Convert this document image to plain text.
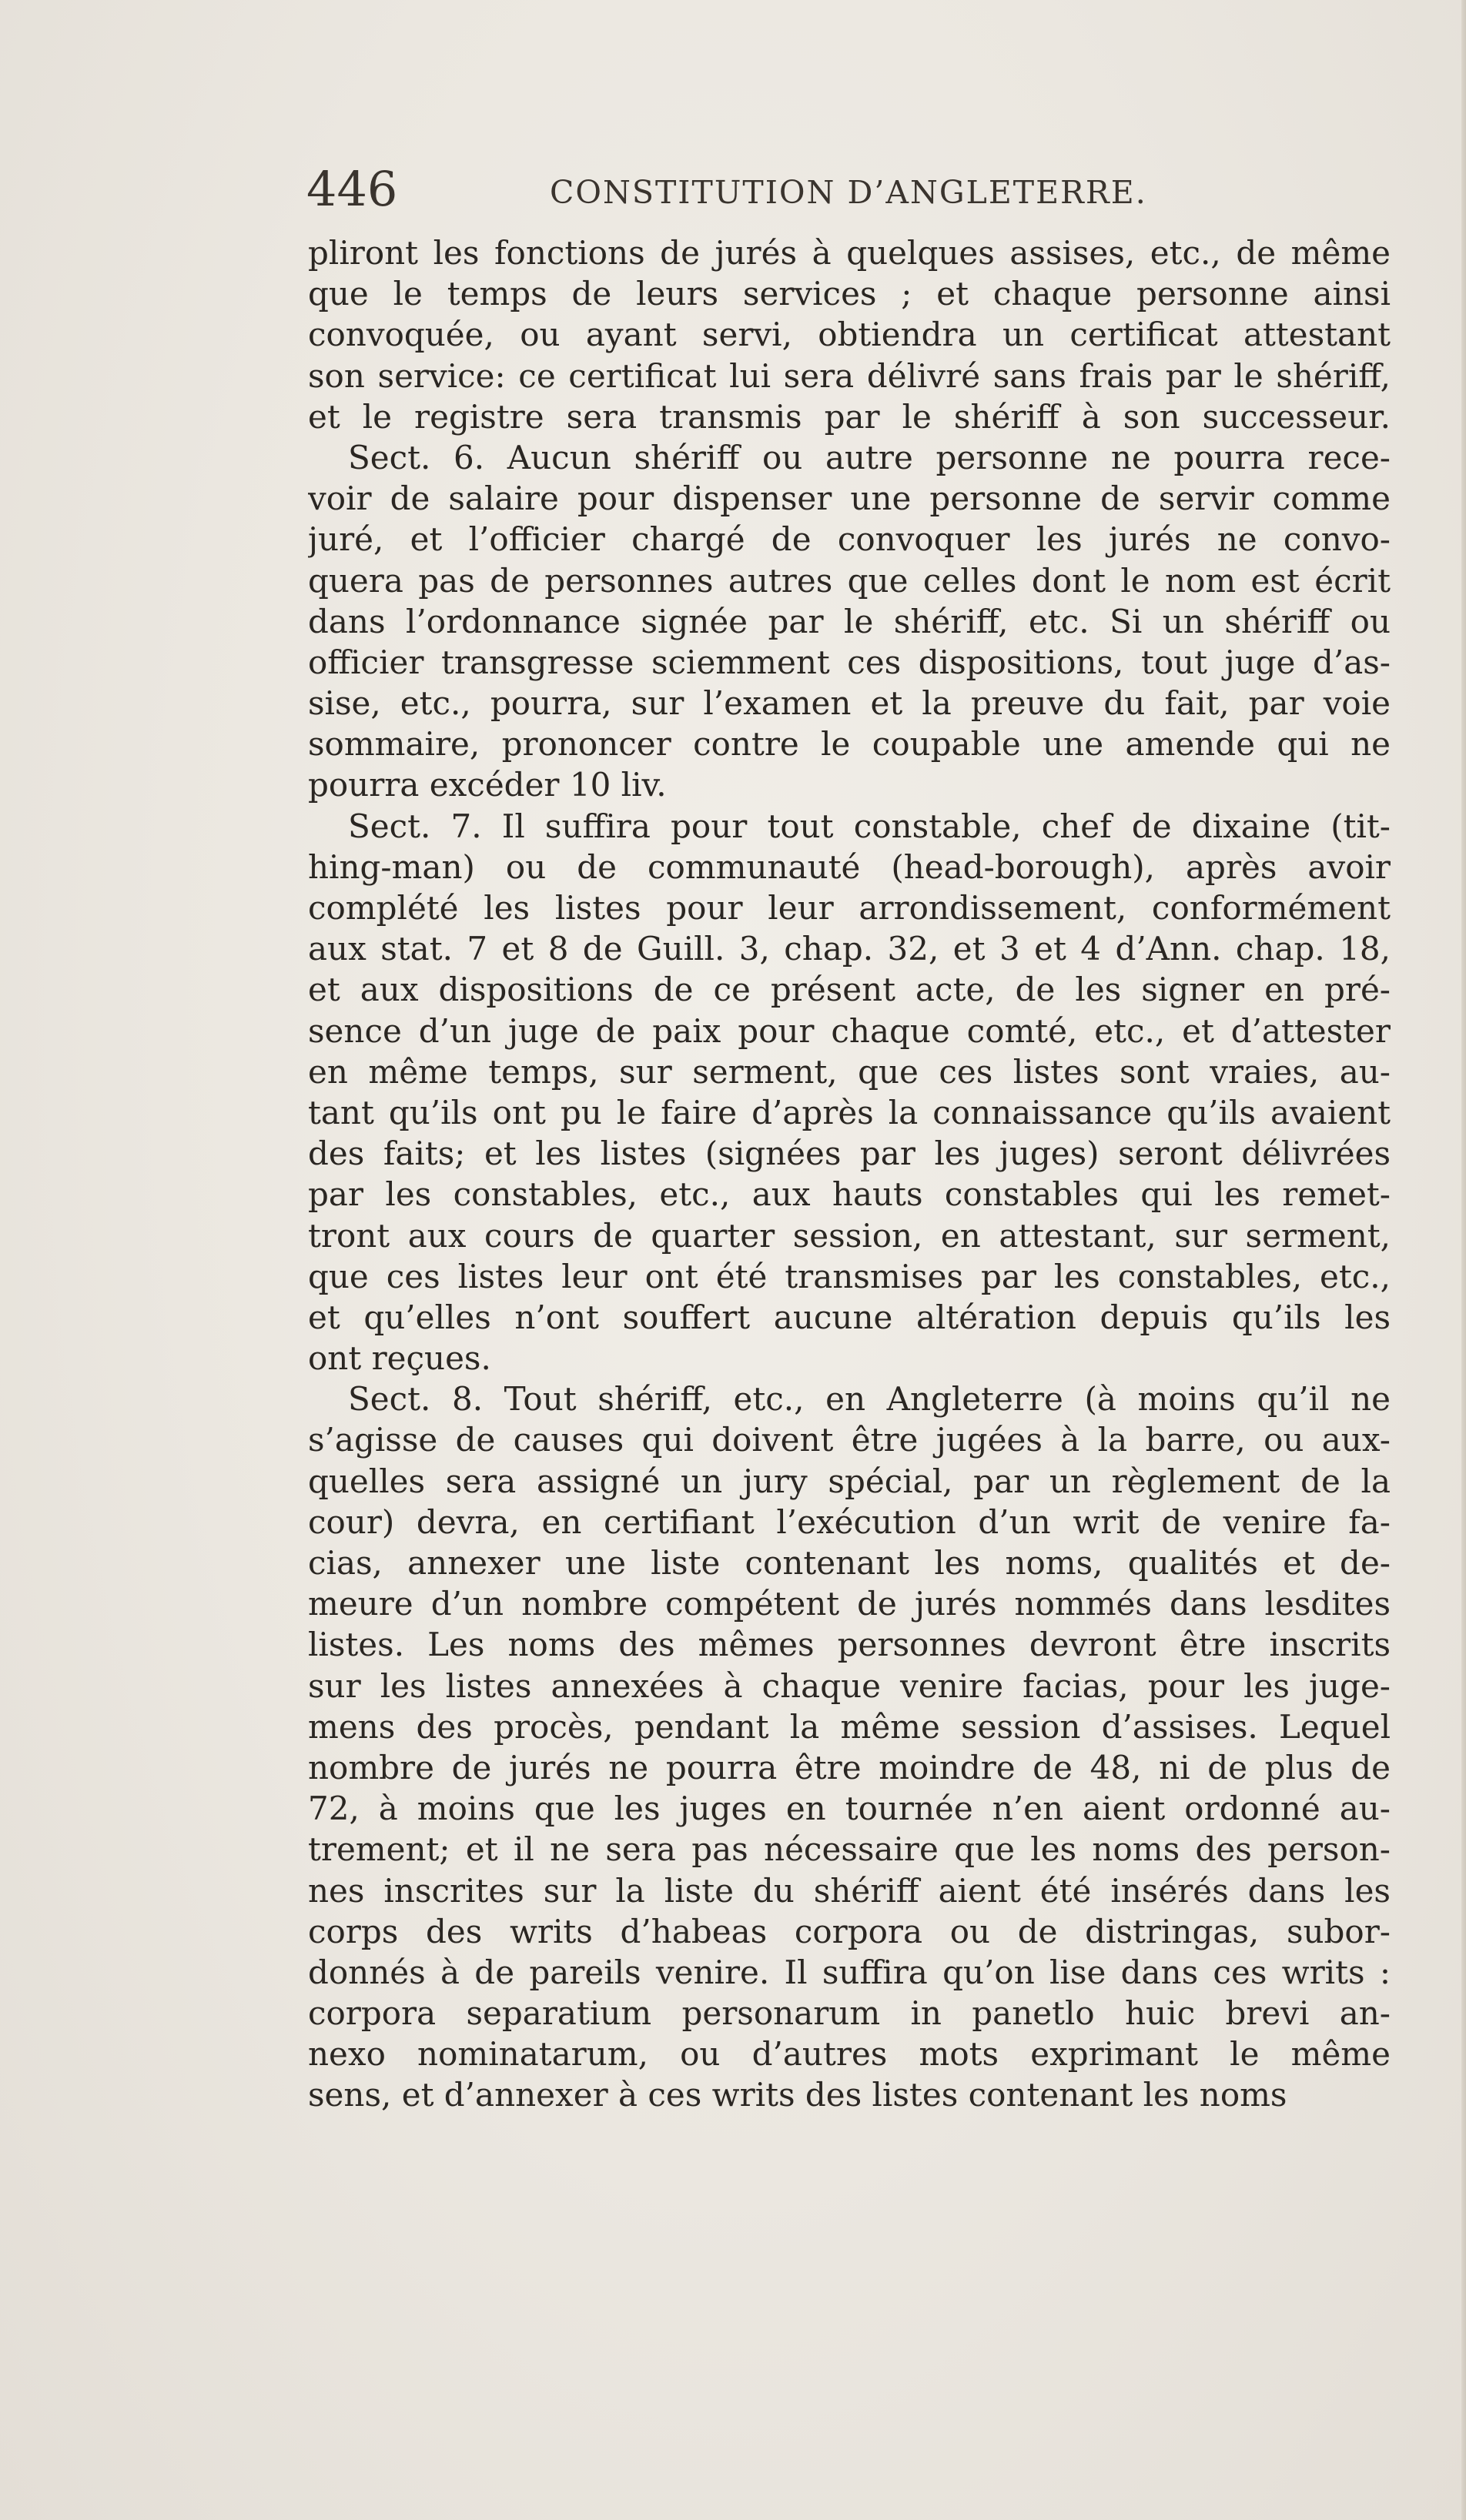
446	CONSTITUTION D’ANGLETERRE.
pliront les fonctions de jurés à quelques assises, etc., de même
que le temps de leurs services ; et chaque personne ainsi
convoquée, ou ayant servi, obtiendra un certificat attestant
son service: ce certificat lui sera délivré sans frais par le shériff,
et le registre sera transmis par le shériff à son successeur.
Sect. 6. Aucun shériff ou autre personne ne pourra rece-
voir de salaire pour dispenser une personne de servir comme
juré, et l’officier chargé de convoquer les jurés ne convo-
quera pas de personnes autres que celles dont le nom est écrit
dans l’ordonnance signée par le shériff, etc. Si un shériff ou
officier transgresse sciemment ces dispositions, tout juge d’as-
sise, etc., pourra, sur l’examen et la preuve du fait, par voie
sommaire, prononcer contre le coupable une amende qui ne
pourra excéder 10 liv.
Sect. 7. Il suffira pour tout constable, chef de dixaine (tit-
hing-man) ou de communauté (head-borough), après avoir
complété les listes pour leur arrondissement, conformément
aux stat. 7 et 8 de Guill. 3, chap. 32, et 3 et 4 d’Ann. chap. 18,
et aux dispositions de ce présent acte, de les signer en pré-
sence d’un juge de paix pour chaque comté, etc., et d’attester
en même temps, sur serment, que ces listes sont vraies, au-
tant qu’ils ont pu le faire d’après la connaissance qu’ils avaient
des faits; et les listes (signées par les juges) seront délivrées
par les constables, etc., aux hauts constables qui les remet-
tront aux cours de quarter session, en attestant, sur serment,
que ces listes leur ont été transmises par les constables, etc.,
et qu’elles n’ont souffert aucune altération depuis qu’ils les
ont reçues.
Sect. 8. Tout shériff, etc., en Angleterre (à moins qu’il ne
s’agisse de causes qui doivent être jugées à la barre, ou aux-
quelles sera assigné un jury spécial, par un règlement de la
cour) devra, en certifiant l’exécution d’un writ de venire fa-
cias, annexer une liste contenant les noms, qualités et de-
meure d’un nombre compétent de jurés nommés dans lesdites
listes. Les noms des mêmes personnes devront être inscrits
sur les listes annexées à chaque venire facias, pour les juge-
mens des procès, pendant la même session d’assises. Lequel
nombre de jurés ne pourra être moindre de 48, ni de plus de
72, à moins que les juges en tournée n’en aient ordonné au-
trement; et il ne sera pas nécessaire que les noms des person-
nes inscrites sur la liste du shériff aient été insérés dans les
corps des writs d’habeas corpora ou de distringas, subor-
donnés à de pareils venire. Il suffira qu’on lise dans ces writs :
corpora separatium personarum in panetlo huic brevi an-
nexo nominatarum, ou d’autres mots exprimant le même
sens, et d’annexer à ces writs des listes contenant les noms
